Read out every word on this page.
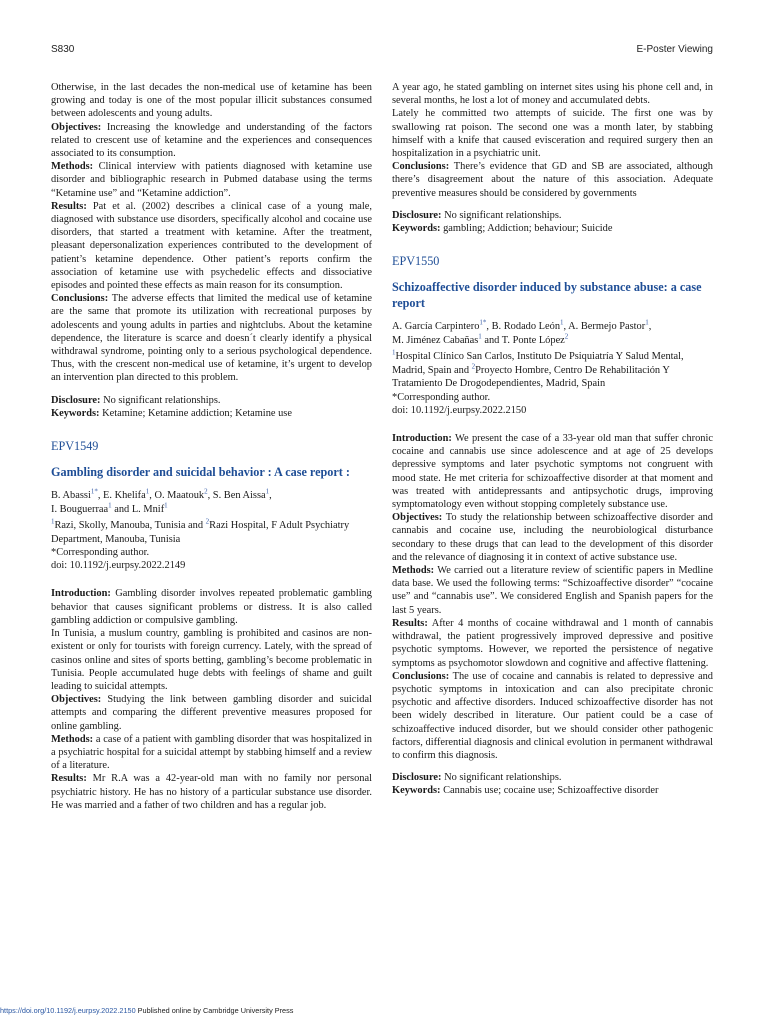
S830	E-Poster Viewing

Otherwise, in the last decades the non-medical use of ketamine has been growing and today is one of the most popular illicit substances consumed between adolescents and young adults.

Objectives: Increasing the knowledge and understanding of the factors related to crescent use of ketamine and the experiences and consequences associated to its consumption.

Methods: Clinical interview with patients diagnosed with ketamine use disorder and bibliographic research in Pubmed database using the terms “Ketamine use” and “Ketamine addiction”.

Results: Pat et al. (2002) describes a clinical case of a young male, diagnosed with substance use disorders, specifically alcohol and cocaine use disorders, that started a treatment with ketamine. After the treatment, pleasant depersonalization experiences contributed to the development of patient’s ketamine dependence. Other patient’s reports confirm the association of ketamine use with psychedelic effects and dissociative episodes and pointed these effects as main reason for its consumption.

Conclusions: The adverse effects that limited the medical use of ketamine are the same that promote its utilization with recreational purposes by adolescents and young adults in parties and nightclubs. About the ketamine dependence, the literature is scarce and doesn´t clearly identify a physical withdrawal syndrome, pointing only to a serious psychological dependence. Thus, with the crescent non-medical use of ketamine, it’s urgent to develop an intervention plan directed to this problem.

Disclosure: No significant relationships.

Keywords: Ketamine; Ketamine addiction; Ketamine use

EPV1549
Gambling disorder and suicidal behavior : A case report :
B. Abassi$^{1*}$, E. Khelifa$^1$, O. Maatouk$^2$, S. Ben Aissa$^1$,
I. Bouguerraa$^1$ and L. Mnif$^1$
$^1$Razi, Skolly, Manouba, Tunisia and $^2$Razi Hospital, F Adult Psychiatry Department, Manouba, Tunisia
*Corresponding author.
doi: 10.1192/j.eurpsy.2022.2149

Introduction: Gambling disorder involves repeated problematic gambling behavior that causes significant problems or distress. It is also called gambling addiction or compulsive gambling.

In Tunisia, a muslum country, gambling is prohibited and casinos are non-existent or only for tourists with foreign currency. Lately, with the spread of casinos online and sites of sports betting, gambling’s become problematic in Tunisia. People accumulated huge debts with feelings of shame and guilt leading to suicidal attempts.

Objectives: Studying the link between gambling disorder and suicidal attempts and comparing the different preventive measures proposed for online gambling.

Methods: a case of a patient with gambling disorder that was hospitalized in a psychiatric hospital for a suicidal attempt by stabbing himself and a review of a literature.

Results: Mr R.A was a 42-year-old man with no family nor personal psychiatric history. He has no history of a particular substance use disorder. He was married and a father of two children and has a regular job.

A year ago, he stated gambling on internet sites using his phone cell and, in several months, he lost a lot of money and accumulated debts.

Lately he committed two attempts of suicide. The first one was by swallowing rat poison. The second one was a month later, by stabbing himself with a knife that caused evisceration and required surgery then an hospitalization in a psychiatric unit.

Conclusions: There’s evidence that GD and SB are associated, although there’s disagreement about the nature of this association. Adequate preventive measures should be considered by governments

Disclosure: No significant relationships.

Keywords: gambling; Addiction; behaviour; Suicide

EPV1550
Schizoaffective disorder induced by substance abuse: a case report
A. García Carpintero$^{1*}$, B. Rodado León$^1$, A. Bermejo Pastor$^1$,
M. Jiménez Cabañas$^1$ and T. Ponte López$^2$
$^1$Hospital Clínico San Carlos, Instituto De Psiquiatría Y Salud Mental, Madrid, Spain and $^2$Proyecto Hombre, Centro De Rehabilitación Y Tratamiento De Drogodependientes, Madrid, Spain
*Corresponding author.
doi: 10.1192/j.eurpsy.2022.2150

Introduction: We present the case of a 33-year old man that suffer chronic cocaine and cannabis use since adolescence and at age of 25 develops depressive symptoms and later psychotic symptoms not congruent with mood state. He met criteria for schizoaffective disorder at that moment and was treated with antidepressants and antipsychotic drugs, improving symptomatology even without stopping completely substance use.

Objectives: To study the relationship between schizoaffective disorder and cannabis and cocaine use, including the neurobiological disturbance secondary to these drugs that can lead to the development of this disorder and the relevance of diagnosing it in context of active substance use.

Methods: We carried out a literature review of scientific papers in Medline data base. We used the following terms: “Schizoaffective disorder” “cocaine use” and “cannabis use”. We considered English and Spanish papers for the last 5 years.

Results: After 4 months of cocaine withdrawal and 1 month of cannabis withdrawal, the patient progressively improved depressive and positive psychotic symptoms. However, we reported the persistence of negative symptoms as psychomotor slowdown and cognitive and affective flattening.

Conclusions: The use of cocaine and cannabis is related to depressive and psychotic symptoms in intoxication and can also precipitate chronic psychotic and affective disorders. Induced schizoaffective disorder has not been widely described in literature. Our patient could be a case of schizoaffective induced disorder, but we should consider other pathogenic factors, differential diagnosis and clinical evolution in permanent withdrawal to confirm this diagnosis.

Disclosure: No significant relationships.

Keywords: Cannabis use; cocaine use; Schizoaffective disorder

https://doi.org/10.1192/j.eurpsy.2022.2150 Published online by Cambridge University Press
